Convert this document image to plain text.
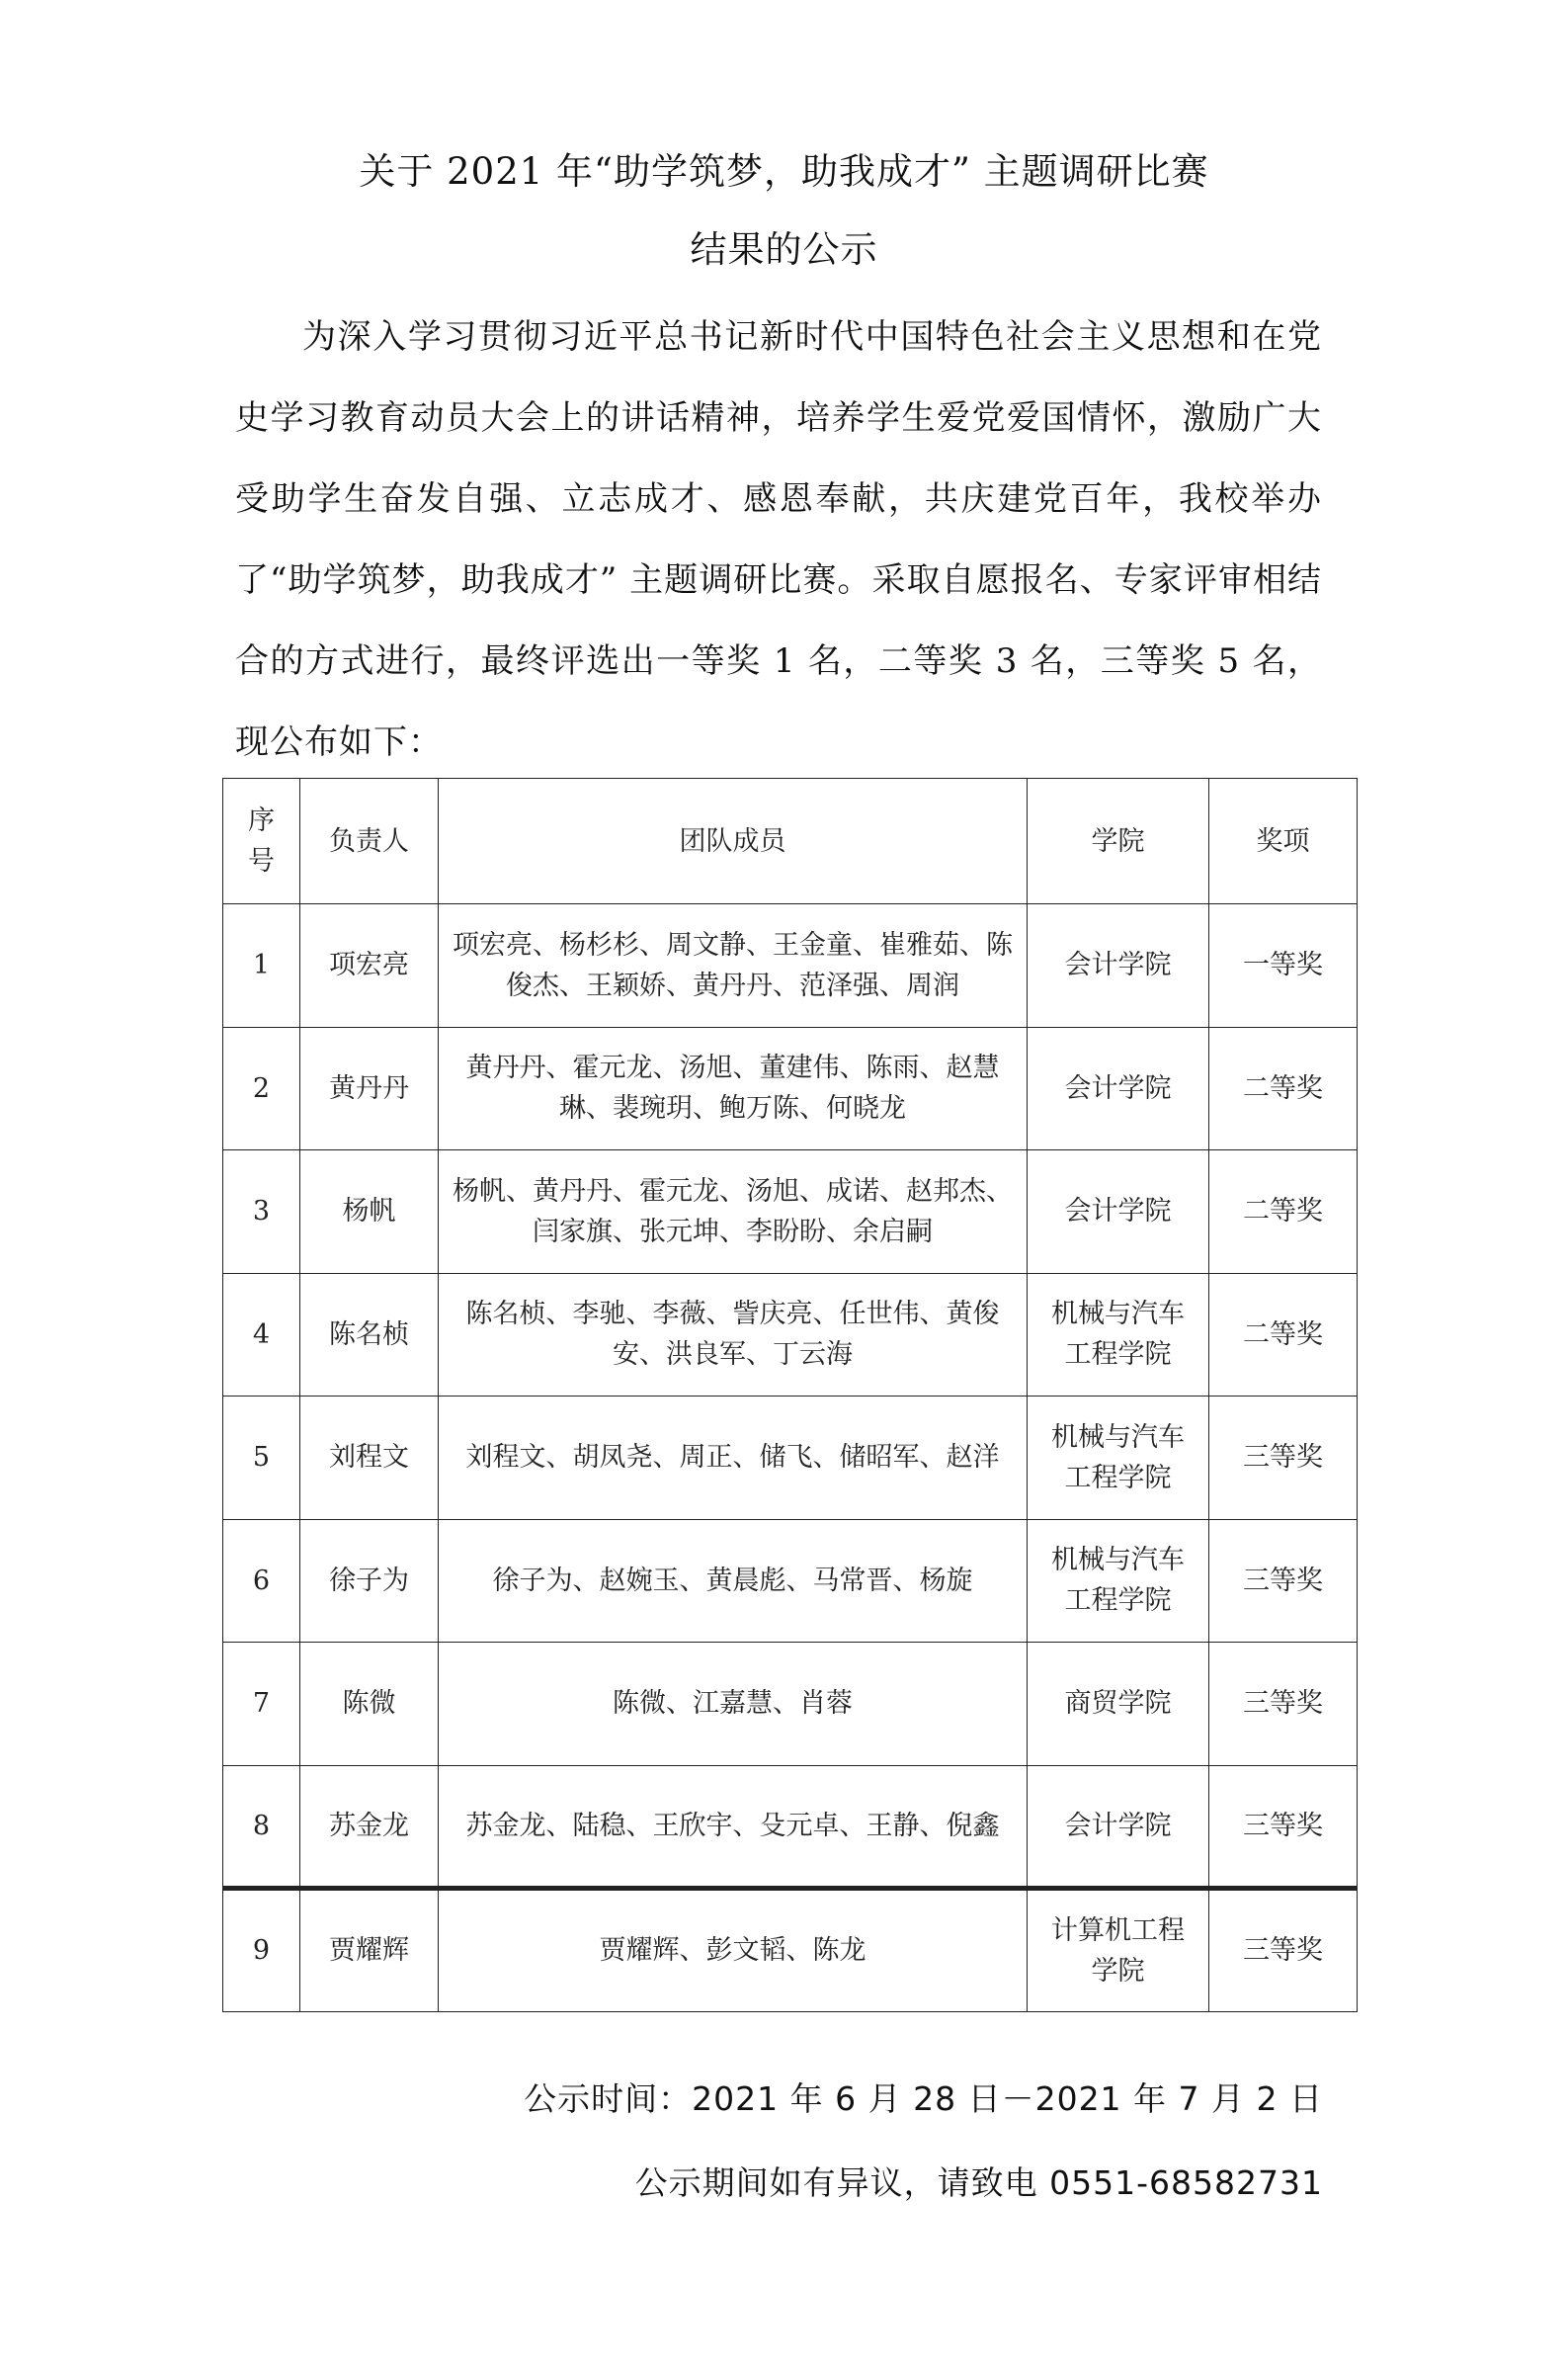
关于 2021 年“助学筑梦，助我成才” 主题调研比赛
结果的公示
为深入学习贯彻习近平总书记新时代中国特色社会主义思想和在党史学习教育动员大会上的讲话精神，培养学生爱党爱国情怀，激励广大受助学生奋发自强、立志成才、感恩奉献，共庆建党百年，我校举办了“助学筑梦，助我成才” 主题调研比赛。采取自愿报名、专家评审相结合的方式进行，最终评选出一等奖 1 名，二等奖 3 名，三等奖 5 名，现公布如下：
序号	负责人	团队成员	学院	奖项
1	项宏亮	项宏亮、杨杉杉、周文静、王金童、崔雅茹、陈俊杰、王颖娇、黄丹丹、范泽强、周润	会计学院	一等奖
2	黄丹丹	黄丹丹、霍元龙、汤旭、董建伟、陈雨、赵慧琳、裴琬玥、鲍万陈、何晓龙	会计学院	二等奖
3	杨帆	杨帆、黄丹丹、霍元龙、汤旭、成诺、赵邦杰、闫家旗、张元坤、李盼盼、余启嗣	会计学院	二等奖
4	陈名桢	陈名桢、李驰、李薇、訾庆亮、任世伟、黄俊安、洪良军、丁云海	机械与汽车工程学院	二等奖
5	刘程文	刘程文、胡凤尧、周正、储飞、储昭军、赵洋	机械与汽车工程学院	三等奖
6	徐子为	徐子为、赵婉玉、黄晨彪、马常晋、杨旋	机械与汽车工程学院	三等奖
7	陈微	陈微、江嘉慧、肖蓉	商贸学院	三等奖
8	苏金龙	苏金龙、陆稳、王欣宇、殳元卓、王静、倪鑫	会计学院	三等奖
9	贾耀辉	贾耀辉、彭文韬、陈龙	计算机工程学院	三等奖
公示时间：2021 年 6 月 28 日－2021 年 7 月 2 日
公示期间如有异议，请致电 0551-68582731
